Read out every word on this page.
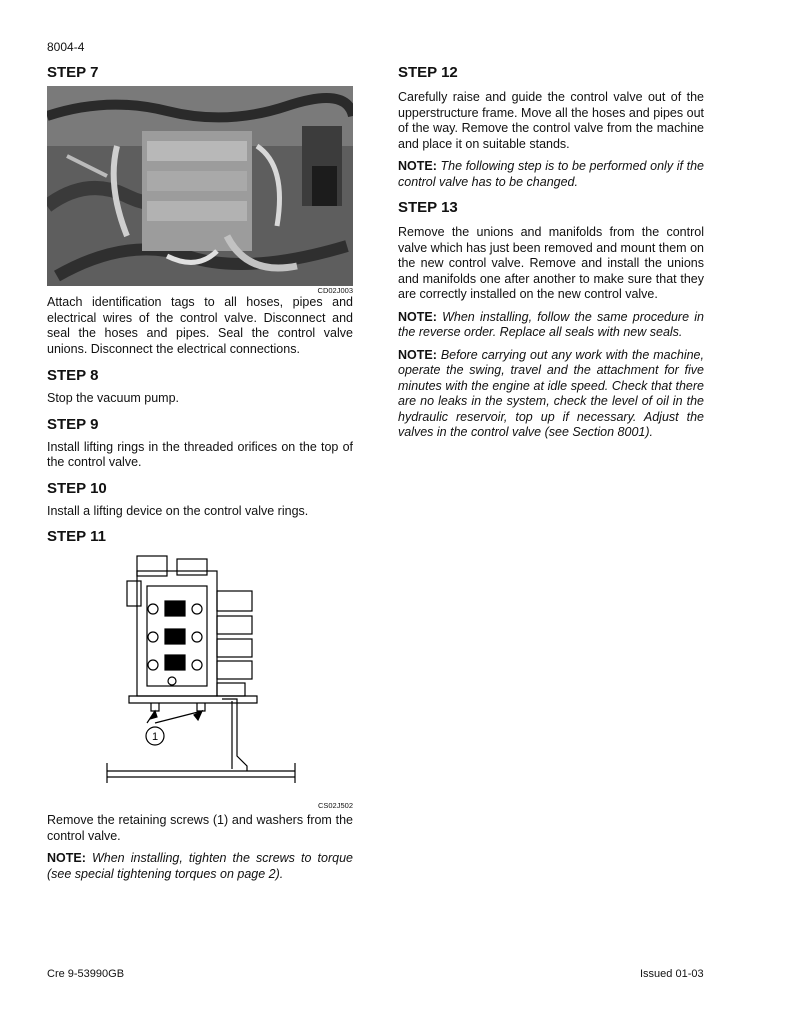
8004-4
STEP 7
CD02J003

Attach identification tags to all hoses, pipes and electrical wires of the control valve. Disconnect and seal the hoses and pipes. Seal the control valve unions. Disconnect the electrical connections.

STEP 8

Stop the vacuum pump.

STEP 9

Install lifting rings in the threaded orifices on the top of the control valve.

STEP 10

Install a lifting device on the control valve rings.

STEP 11
1
CS02J502

Remove the retaining screws (1) and washers from the control valve.

NOTE: When installing, tighten the screws to torque (see special tightening torques on page 2).

STEP 12

Carefully raise and guide the control valve out of the upperstructure frame. Move all the hoses and pipes out of the way. Remove the control valve from the machine and place it on suitable stands.

NOTE: The following step is to be performed only if the control valve has to be changed.

STEP 13

Remove the unions and manifolds from the control valve which has just been removed and mount them on the new control valve. Remove and install the unions and manifolds one after another to make sure that they are correctly installed on the new control valve.

NOTE: When installing, follow the same procedure in the reverse order. Replace all seals with new seals.

NOTE: Before carrying out any work with the machine, operate the swing, travel and the attachment for five minutes with the engine at idle speed. Check that there are no leaks in the system, check the level of oil in the hydraulic reservoir, top up if necessary. Adjust the valves in the control valve (see Section 8001).

Cre 9-53990GB	Issued 01-03
